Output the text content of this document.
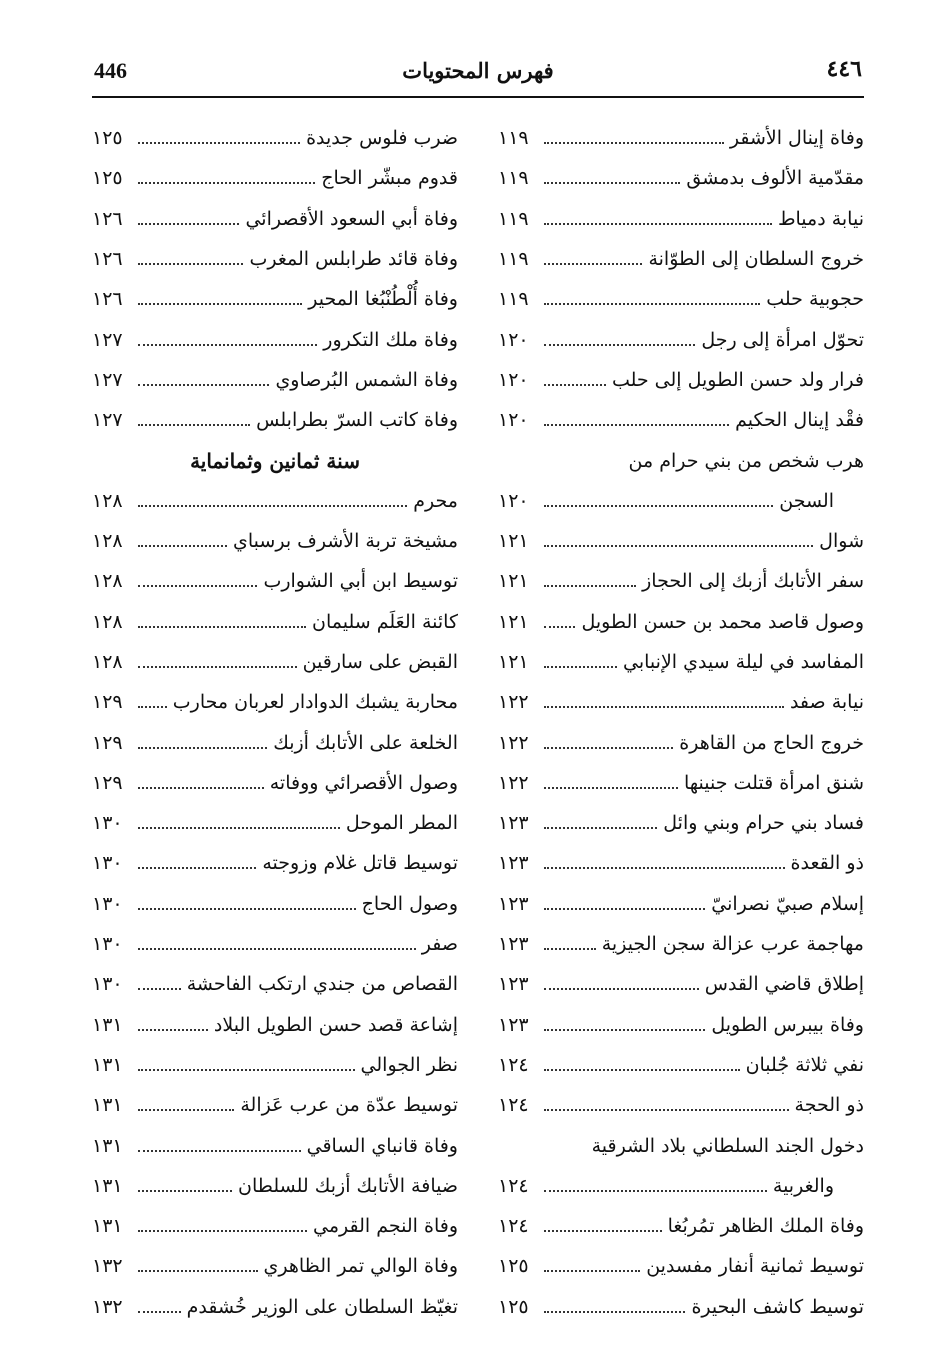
446	فهرس المحتويات	٤٤٦
وفاة إينال الأشقر
١١٩
مقدّمية الألوف بدمشق
١١٩
نيابة دمياط
١١٩
خروج السلطان إلى الطوّانة
١١٩
حجوبية حلب
١١٩
تحوّل امرأة إلى رجل
١٢٠
فرار ولد حسن الطويل إلى حلب
١٢٠
فقْد إينال الحكيم
١٢٠
هرب شخص من بني حرام من
السجن
١٢٠
شوال
١٢١
سفر الأتابك أزبك إلى الحجاز
١٢١
وصول قاصد محمد بن حسن الطويل
١٢١
المفاسد في ليلة سيدي الإنبابي
١٢١
نيابة صفد
١٢٢
خروج الحاج من القاهرة
١٢٢
شنق امرأة قتلت جنينها
١٢٢
فساد بني حرام وبني وائل
١٢٣
ذو القعدة
١٢٣
إسلام صبيّ نصرانيّ
١٢٣
مهاجمة عرب عزالة سجن الجيزية
١٢٣
إطلاق قاضي القدس
١٢٣
وفاة بيبرس الطويل
١٢٣
نفي ثلاثة جُلبان
١٢٤
ذو الحجة
١٢٤
دخول الجند السلطاني بلاد الشرقية
والغربية
١٢٤
وفاة الملك الظاهر تمُربُغا
١٢٤
توسيط ثمانية أنفار مفسدين
١٢٥
توسيط كاشف البحيرة
١٢٥
ضرب فلوس جديدة
١٢٥
قدوم مبشّر الحاج
١٢٥
وفاة أبي السعود الأقصرائي
١٢٦
وفاة قائد طرابلس المغرب
١٢٦
وفاة أُلْطُنْبُغا المحير
١٢٦
وفاة ملك التكرور
١٢٧
وفاة الشمس البُرصاوي
١٢٧
وفاة كاتب السرّ بطرابلس
١٢٧
سنة ثمانين وثمانماية
محرم
١٢٨
مشيخة تربة الأشرف برسباي
١٢٨
توسيط ابن أبي الشوارب
١٢٨
كائنة العَلَم سليمان
١٢٨
القبض على سارقين
١٢٨
محاربة يشبك الدوادار لعربان محارب
١٢٩
الخلعة على الأتابك أزبك
١٢٩
وصول الأقصرائي ووفاته
١٢٩
المطر الموحل
١٣٠
توسيط قاتل غلام وزوجته
١٣٠
وصول الحاج
١٣٠
صفر
١٣٠
القصاص من جندي ارتكب الفاحشة
١٣٠
إشاعة قصد حسن الطويل البلاد
١٣١
نظر الجوالي
١٣١
توسيط عدّة من عرب عَزالة
١٣١
وفاة قانباي الساقي
١٣١
ضيافة الأتابك أزبك للسلطان
١٣١
وفاة النجم القرمي
١٣١
وفاة الوالي تمر الظاهري
١٣٢
تغيّظ السلطان على الوزير خُشقدم
١٣٢
